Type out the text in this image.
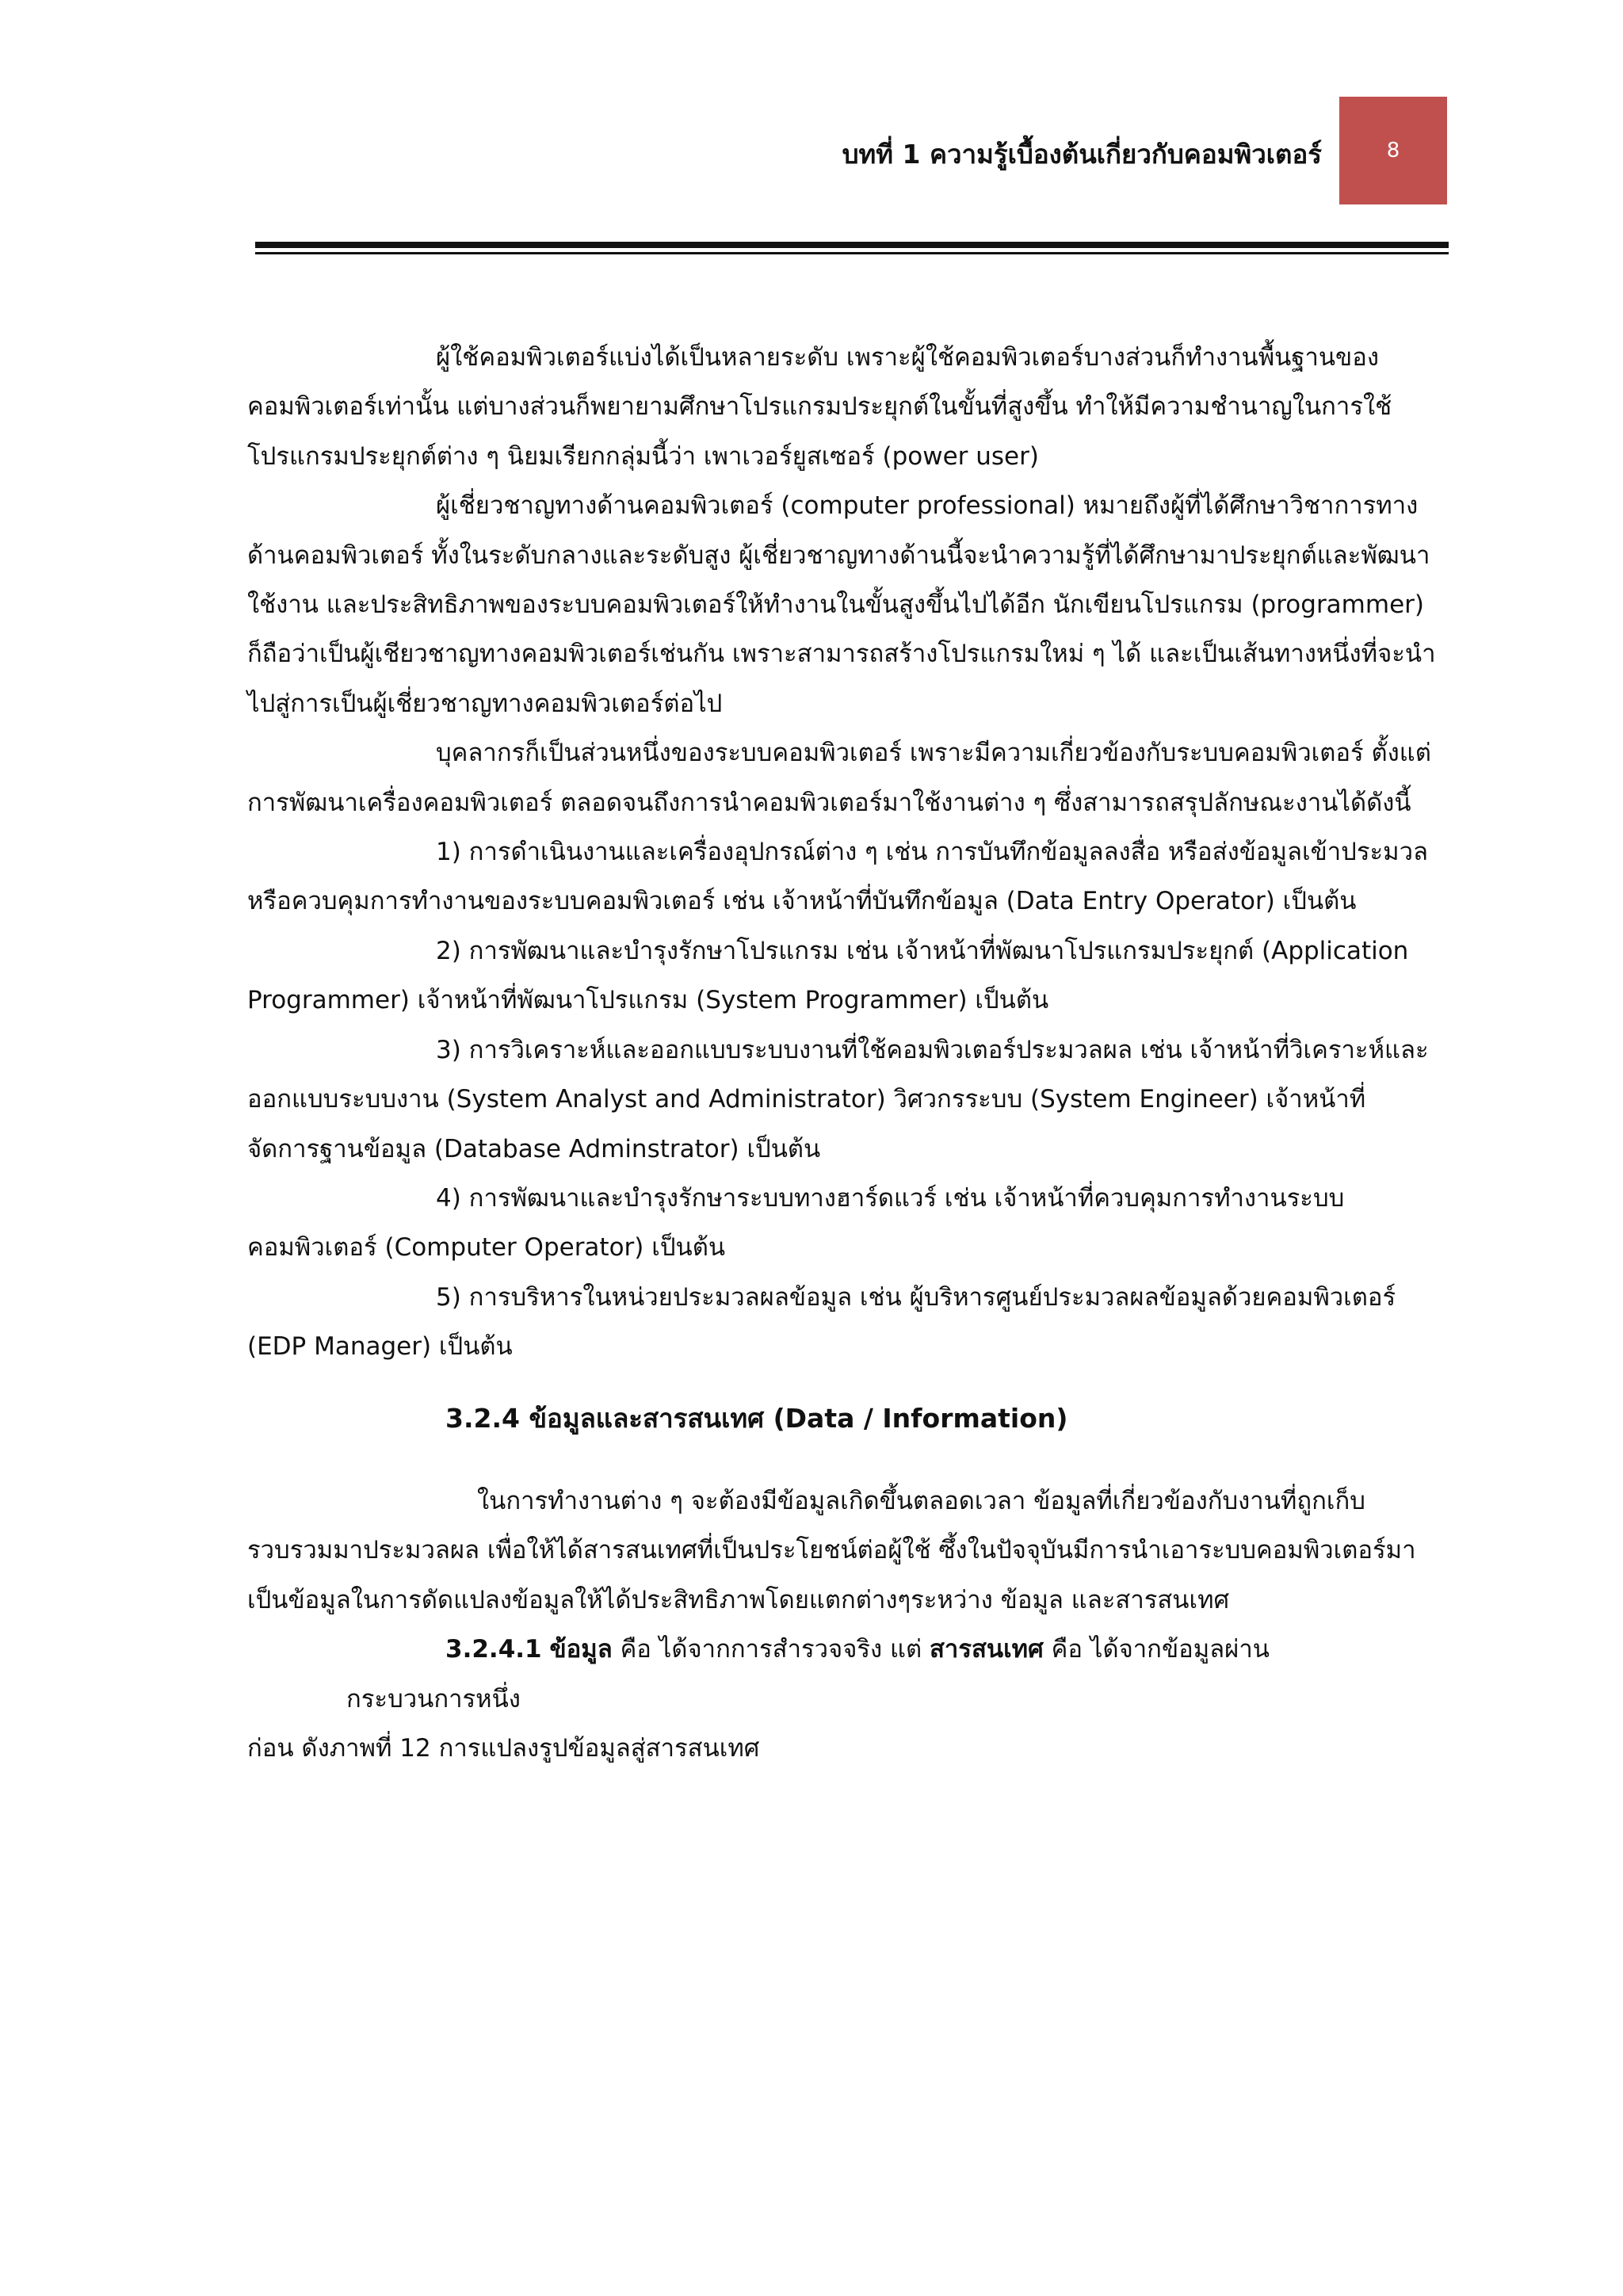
บทที่ 1 ความรู้เบื้องต้นเกี่ยวกับคอมพิวเตอร์	8

ผู้ใช้คอมพิวเตอร์แบ่งได้เป็นหลายระดับ เพราะผู้ใช้คอมพิวเตอร์บางส่วนก็ทำงานพื้นฐานของคอมพิวเตอร์เท่านั้น แต่บางส่วนก็พยายามศึกษาโปรแกรมประยุกต์ในขั้นที่สูงขึ้น ทำให้มีความชำนาญในการใช้โปรแกรมประยุกต์ต่าง ๆ นิยมเรียกกลุ่มนี้ว่า เพาเวอร์ยูสเซอร์ (power user)

ผู้เชี่ยวชาญทางด้านคอมพิวเตอร์ (computer professional) หมายถึงผู้ที่ได้ศึกษาวิชาการทางด้านคอมพิวเตอร์ ทั้งในระดับกลางและระดับสูง ผู้เชี่ยวชาญทางด้านนี้จะนำความรู้ที่ได้ศึกษามาประยุกต์และพัฒนาใช้งาน และประสิทธิภาพของระบบคอมพิวเตอร์ให้ทำงานในขั้นสูงขึ้นไปได้อีก นักเขียนโปรแกรม (programmer) ก็ถือว่าเป็นผู้เชียวชาญทางคอมพิวเตอร์เช่นกัน เพราะสามารถสร้างโปรแกรมใหม่ ๆ ได้ และเป็นเส้นทางหนึ่งที่จะนำไปสู่การเป็นผู้เชี่ยวชาญทางคอมพิวเตอร์ต่อไป

บุคลากรก็เป็นส่วนหนึ่งของระบบคอมพิวเตอร์ เพราะมีความเกี่ยวข้องกับระบบคอมพิวเตอร์ ตั้งแต่การพัฒนาเครื่องคอมพิวเตอร์ ตลอดจนถึงการนำคอมพิวเตอร์มาใช้งานต่าง ๆ ซึ่งสามารถสรุปลักษณะงานได้ดังนี้

1) การดำเนินงานและเครื่องอุปกรณ์ต่าง ๆ เช่น การบันทึกข้อมูลลงสื่อ หรือส่งข้อมูลเข้าประมวล หรือควบคุมการทำงานของระบบคอมพิวเตอร์ เช่น เจ้าหน้าที่บันทึกข้อมูล (Data Entry Operator) เป็นต้น

2) การพัฒนาและบำรุงรักษาโปรแกรม เช่น เจ้าหน้าที่พัฒนาโปรแกรมประยุกต์ (Application Programmer) เจ้าหน้าที่พัฒนาโปรแกรม (System Programmer) เป็นต้น

3) การวิเคราะห์และออกแบบระบบงานที่ใช้คอมพิวเตอร์ประมวลผล เช่น เจ้าหน้าที่วิเคราะห์และออกแบบระบบงาน (System Analyst and Administrator) วิศวกรระบบ (System Engineer) เจ้าหน้าที่จัดการฐานข้อมูล (Database Adminstrator) เป็นต้น

4) การพัฒนาและบำรุงรักษาระบบทางฮาร์ดแวร์ เช่น เจ้าหน้าที่ควบคุมการทำงานระบบคอมพิวเตอร์ (Computer Operator) เป็นต้น

5) การบริหารในหน่วยประมวลผลข้อมูล เช่น ผู้บริหารศูนย์ประมวลผลข้อมูลด้วยคอมพิวเตอร์ (EDP Manager) เป็นต้น

3.2.4 ข้อมูลและสารสนเทศ (Data / Information)

ในการทำงานต่าง ๆ จะต้องมีข้อมูลเกิดขึ้นตลอดเวลา ข้อมูลที่เกี่ยวข้องกับงานที่ถูกเก็บรวบรวมมาประมวลผล เพื่อให้ได้สารสนเทศที่เป็นประโยชน์ต่อผู้ใช้ ซึ้งในปัจจุบันมีการนำเอาระบบคอมพิวเตอร์มาเป็นข้อมูลในการดัดแปลงข้อมูลให้ได้ประสิทธิภาพโดยแตกต่างๆระหว่าง ข้อมูล และสารสนเทศ

3.2.4.1 ข้อมูล คือ ได้จากการสำรวจจริง แต่ สารสนเทศ คือ ได้จากข้อมูลผ่าน

กระบวนการหนึ่ง

ก่อน ดังภาพที่ 12 การแปลงรูปข้อมูลสู่สารสนเทศ
